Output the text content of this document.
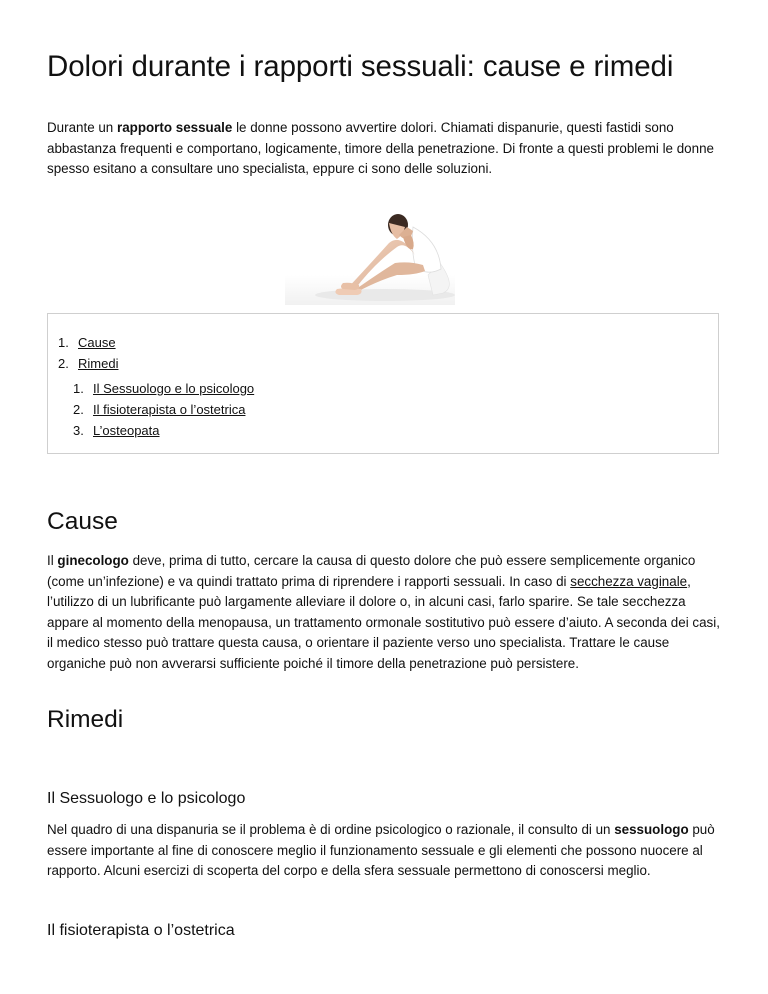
Dolori durante i rapporti sessuali: cause e rimedi

Durante un rapporto sessuale le donne possono avvertire dolori. Chiamati dispanurie, questi fastidi sono abbastanza frequenti e comportano, logicamente, timore della penetrazione. Di fronte a questi problemi le donne spesso esitano a consultare uno specialista, eppure ci sono delle soluzioni.

1. Cause
2. Rimedi
1. Il Sessuologo e lo psicologo
2. Il fisioterapista o l’ostetrica
3. L’osteopata
Cause

Il ginecologo deve, prima di tutto, cercare la causa di questo dolore che può essere semplicemente organico (come un’infezione) e va quindi trattato prima di riprendere i rapporti sessuali. In caso di secchezza vaginale, l’utilizzo di un lubrificante può largamente alleviare il dolore o, in alcuni casi, farlo sparire. Se tale secchezza appare al momento della menopausa, un trattamento ormonale sostitutivo può essere d’aiuto. A seconda dei casi, il medico stesso può trattare questa causa, o orientare il paziente verso uno specialista. Trattare le cause organiche può non avverarsi sufficiente poiché il timore della penetrazione può persistere.

Rimedi
Il Sessuologo e lo psicologo

Nel quadro di una dispanuria se il problema è di ordine psicologico o razionale, il consulto di un sessuologo può essere importante al fine di conoscere meglio il funzionamento sessuale e gli elementi che possono nuocere al rapporto. Alcuni esercizi di scoperta del corpo e della sfera sessuale permettono di conoscersi meglio.

Il fisioterapista o l’ostetrica
